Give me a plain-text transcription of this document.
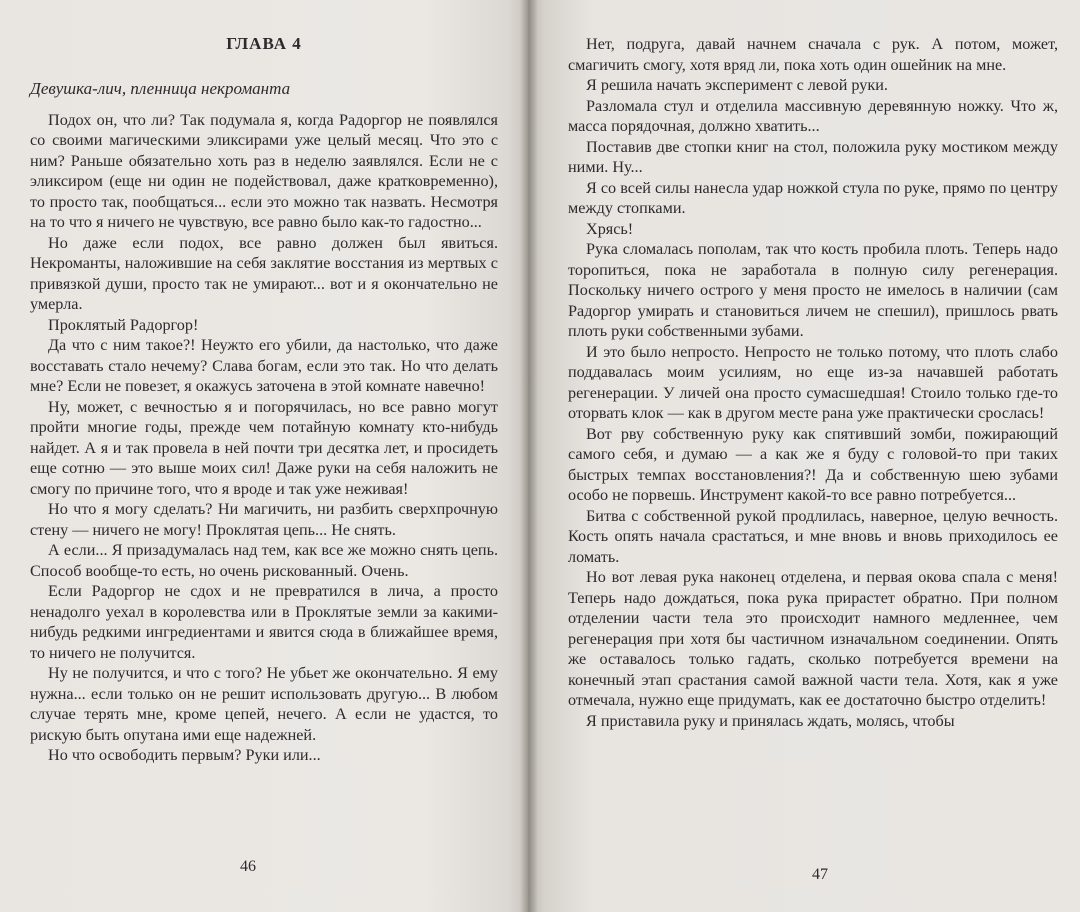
ГЛАВА 4
Девушка-лич, пленница некроманта

Подох он, что ли? Так подумала я, когда Радоргор не появлялся со своими магическими эликсирами уже целый месяц. Что это с ним? Раньше обязательно хоть раз в неделю заявлялся. Если не с эликсиром (еще ни один не подействовал, даже кратковременно), то просто так, пообщаться... если это можно так назвать. Несмотря на то что я ничего не чувствую, все равно было как-то гадостно...

Но даже если подох, все равно должен был явиться. Некроманты, наложившие на себя заклятие восстания из мертвых с привязкой души, просто так не умирают... вот и я окончательно не умерла.

Проклятый Радоргор!

Да что с ним такое?! Неужто его убили, да настолько, что даже восставать стало нечему? Слава богам, если это так. Но что делать мне? Если не повезет, я окажусь заточена в этой комнате навечно!

Ну, может, с вечностью я и погорячилась, но все равно могут пройти многие годы, прежде чем потайную комнату кто-нибудь найдет. А я и так провела в ней почти три десятка лет, и просидеть еще сотню — это выше моих сил! Даже руки на себя наложить не смогу по причине того, что я вроде и так уже неживая!

Но что я могу сделать? Ни магичить, ни разбить сверхпрочную стену — ничего не могу! Проклятая цепь... Не снять.

А если... Я призадумалась над тем, как все же можно снять цепь. Способ вообще-то есть, но очень рискованный. Очень.

Если Радоргор не сдох и не превратился в лича, а просто ненадолго уехал в королевства или в Проклятые земли за какими-нибудь редкими ингредиентами и явится сюда в ближайшее время, то ничего не получится.

Ну не получится, и что с того? Не убьет же окончательно. Я ему нужна... если только он не решит использовать другую... В любом случае терять мне, кроме цепей, нечего. А если не удастся, то рискую быть опутана ими еще надежней.

Но что освободить первым? Руки или...

46

Нет, подруга, давай начнем сначала с рук. А потом, может, смагичить смогу, хотя вряд ли, пока хоть один ошейник на мне.

Я решила начать эксперимент с левой руки.

Разломала стул и отделила массивную деревянную ножку. Что ж, масса порядочная, должно хватить...

Поставив две стопки книг на стол, положила руку мостиком между ними. Ну...

Я со всей силы нанесла удар ножкой стула по руке, прямо по центру между стопками.

Хрясь!

Рука сломалась пополам, так что кость пробила плоть. Теперь надо торопиться, пока не заработала в полную силу регенерация. Поскольку ничего острого у меня просто не имелось в наличии (сам Радоргор умирать и становиться личем не спешил), пришлось рвать плоть руки собственными зубами.

И это было непросто. Непросто не только потому, что плоть слабо поддавалась моим усилиям, но еще из-за начавшей работать регенерации. У личей она просто сумасшедшая! Стоило только где-то оторвать клок — как в другом месте рана уже практически срослась!

Вот рву собственную руку как спятивший зомби, пожирающий самого себя, и думаю — а как же я буду с головой-то при таких быстрых темпах восстановления?! Да и собственную шею зубами особо не порвешь. Инструмент какой-то все равно потребуется...

Битва с собственной рукой продлилась, наверное, целую вечность. Кость опять начала срастаться, и мне вновь и вновь приходилось ее ломать.

Но вот левая рука наконец отделена, и первая окова спала с меня! Теперь надо дождаться, пока рука прирастет обратно. При полном отделении части тела это происходит намного медленнее, чем регенерация при хотя бы частичном изначальном соединении. Опять же оставалось только гадать, сколько потребуется времени на конечный этап срастания самой важной части тела. Хотя, как я уже отмечала, нужно еще придумать, как ее достаточно быстро отделить!

Я приставила руку и принялась ждать, молясь, чтобы

47
